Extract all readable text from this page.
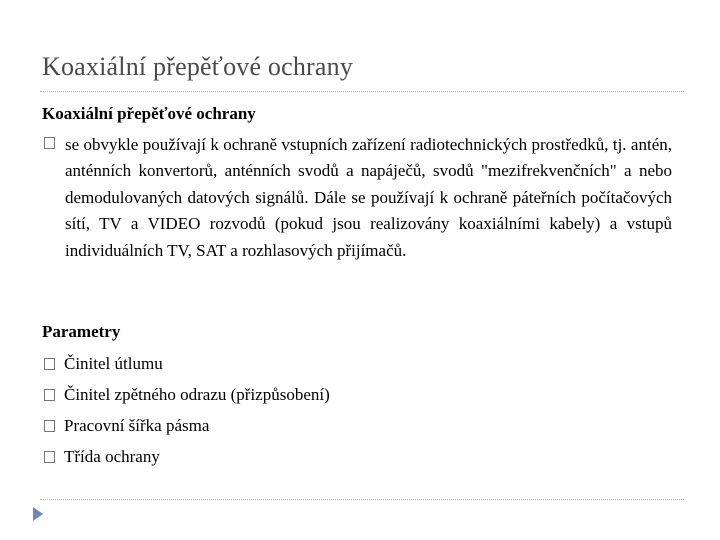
Koaxiální přepěťové ochrany
Koaxiální přepěťové ochrany
se obvykle používají k ochraně vstupních zařízení radiotechnických prostředků, tj. antén, anténních konvertorů, anténních svodů a napáječů, svodů "mezifrekvenčních" a nebo demodulovaných datových signálů. Dále se používají k ochraně páteřních počítačových sítí, TV a VIDEO rozvodů (pokud jsou realizovány koaxiálními kabely) a vstupů individuálních TV, SAT a rozhlasových přijímačů.
Parametry
Činitel útlumu
Činitel zpětného odrazu (přizpůsobení)
Pracovní šířka pásma
Třída ochrany
